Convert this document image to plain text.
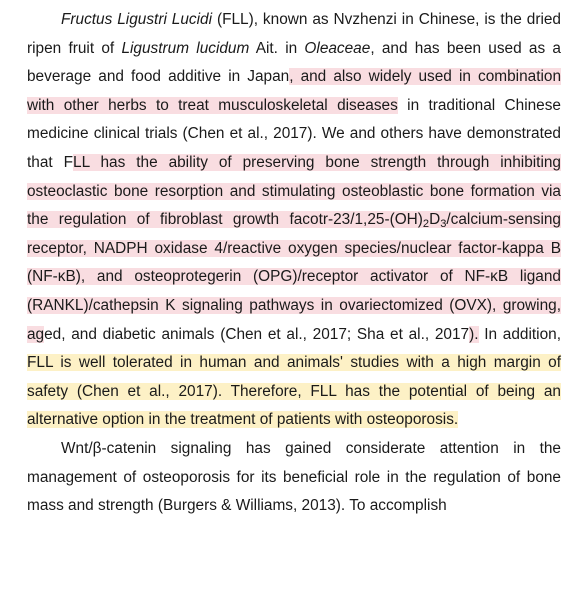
Fructus Ligustri Lucidi (FLL), known as Nvzhenzi in Chinese, is the dried ripen fruit of Ligustrum lucidum Ait. in Oleaceae, and has been used as a beverage and food additive in Japan, and also widely used in combination with other herbs to treat musculoskeletal diseases in traditional Chinese medicine clinical trials (Chen et al., 2017). We and others have demonstrated that FLL has the ability of preserving bone strength through inhibiting osteoclastic bone resorption and stimulating osteoblastic bone formation via the regulation of fibroblast growth facotr-$23/1,25-(OH)_2D_3/calcium$-sensing receptor, NADPH oxidase 4/reactive oxygen species/nuclear factor-kappa B (NF-κB), and osteoprotegerin (OPG)/receptor activator of NF-κB ligand (RANKL)/cathepsin K signaling pathways in ovariectomized (OVX), growing, aged, and diabetic animals (Chen et al., 2017; Sha et al., 2017). In addition, FLL is well tolerated in human and animals' studies with a high margin of safety (Chen et al., 2017). Therefore, FLL has the potential of being an alternative option in the treatment of patients with osteoporosis.

Wnt/β-catenin signaling has gained considerate attention in the management of osteoporosis for its beneficial role in the regulation of bone mass and strength (Burgers & Williams, 2013). To accomplish
